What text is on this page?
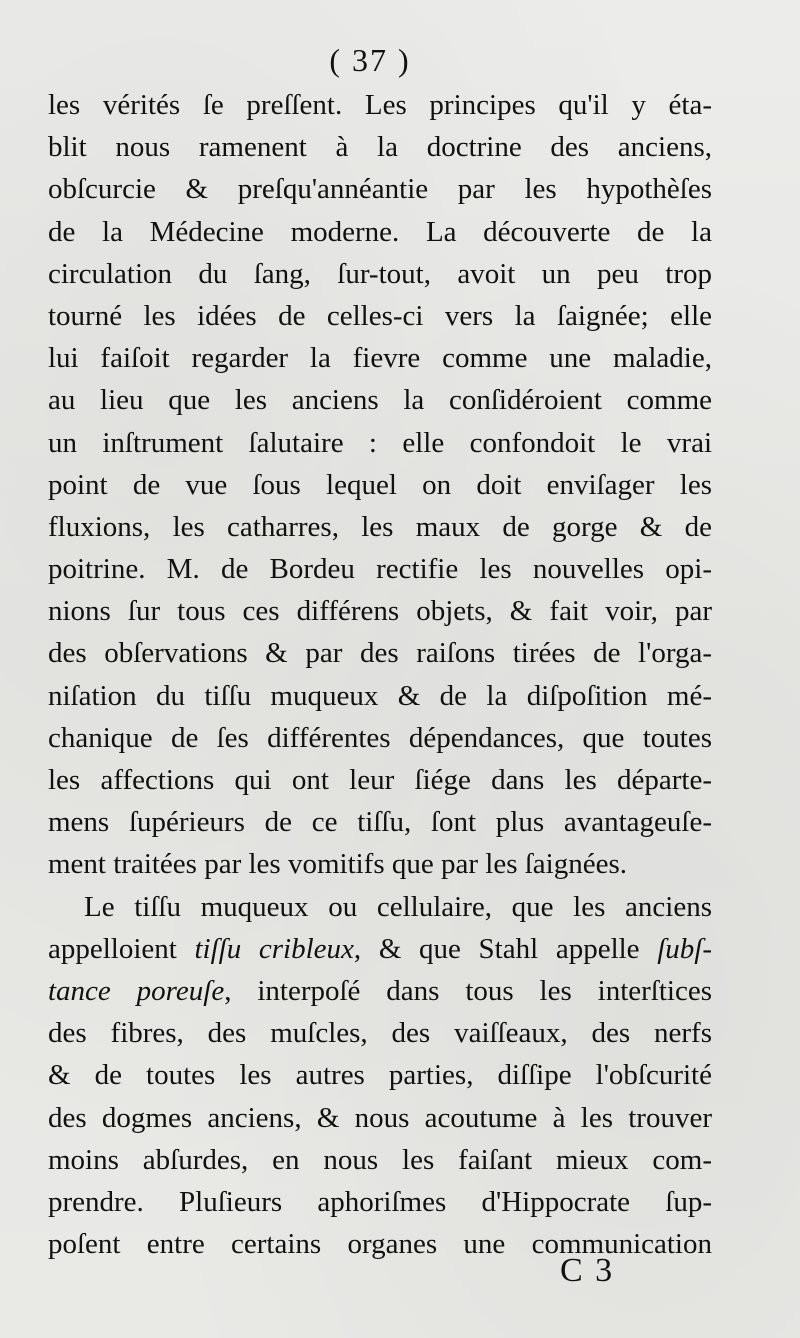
( 37 )
les vérités ſe preſſent. Les principes qu'il y éta-
blit nous ramenent à la doctrine des anciens,
obſcurcie & preſqu'annéantie par les hypothèſes
de la Médecine moderne. La découverte de la
circulation du ſang, ſur-tout, avoit un peu trop
tourné les idées de celles-ci vers la ſaignée; elle
lui faiſoit regarder la fievre comme une maladie,
au lieu que les anciens la conſidéroient comme
un inſtrument ſalutaire : elle confondoit le vrai
point de vue ſous lequel on doit enviſager les
fluxions, les catharres, les maux de gorge & de
poitrine. M. de Bordeu rectifie les nouvelles opi-
nions ſur tous ces différens objets, & fait voir, par
des obſervations & par des raiſons tirées de l'orga-
niſation du tiſſu muqueux & de la diſpoſition mé-
chanique de ſes différentes dépendances, que toutes
les affections qui ont leur ſiége dans les départe-
mens ſupérieurs de ce tiſſu, ſont plus avantageuſe-
ment traitées par les vomitifs que par les ſaignées.
Le tiſſu muqueux ou cellulaire, que les anciens
appelloient tiſſu cribleux, & que Stahl appelle ſubſ-
tance poreuſe, interpoſé dans tous les interſtices
des fibres, des muſcles, des vaiſſeaux, des nerfs
& de toutes les autres parties, diſſipe l'obſcurité
des dogmes anciens, & nous acoutume à les trouver
moins abſurdes, en nous les faiſant mieux com-
prendre. Pluſieurs aphoriſmes d'Hippocrate ſup-
poſent entre certains organes une communication
C 3
